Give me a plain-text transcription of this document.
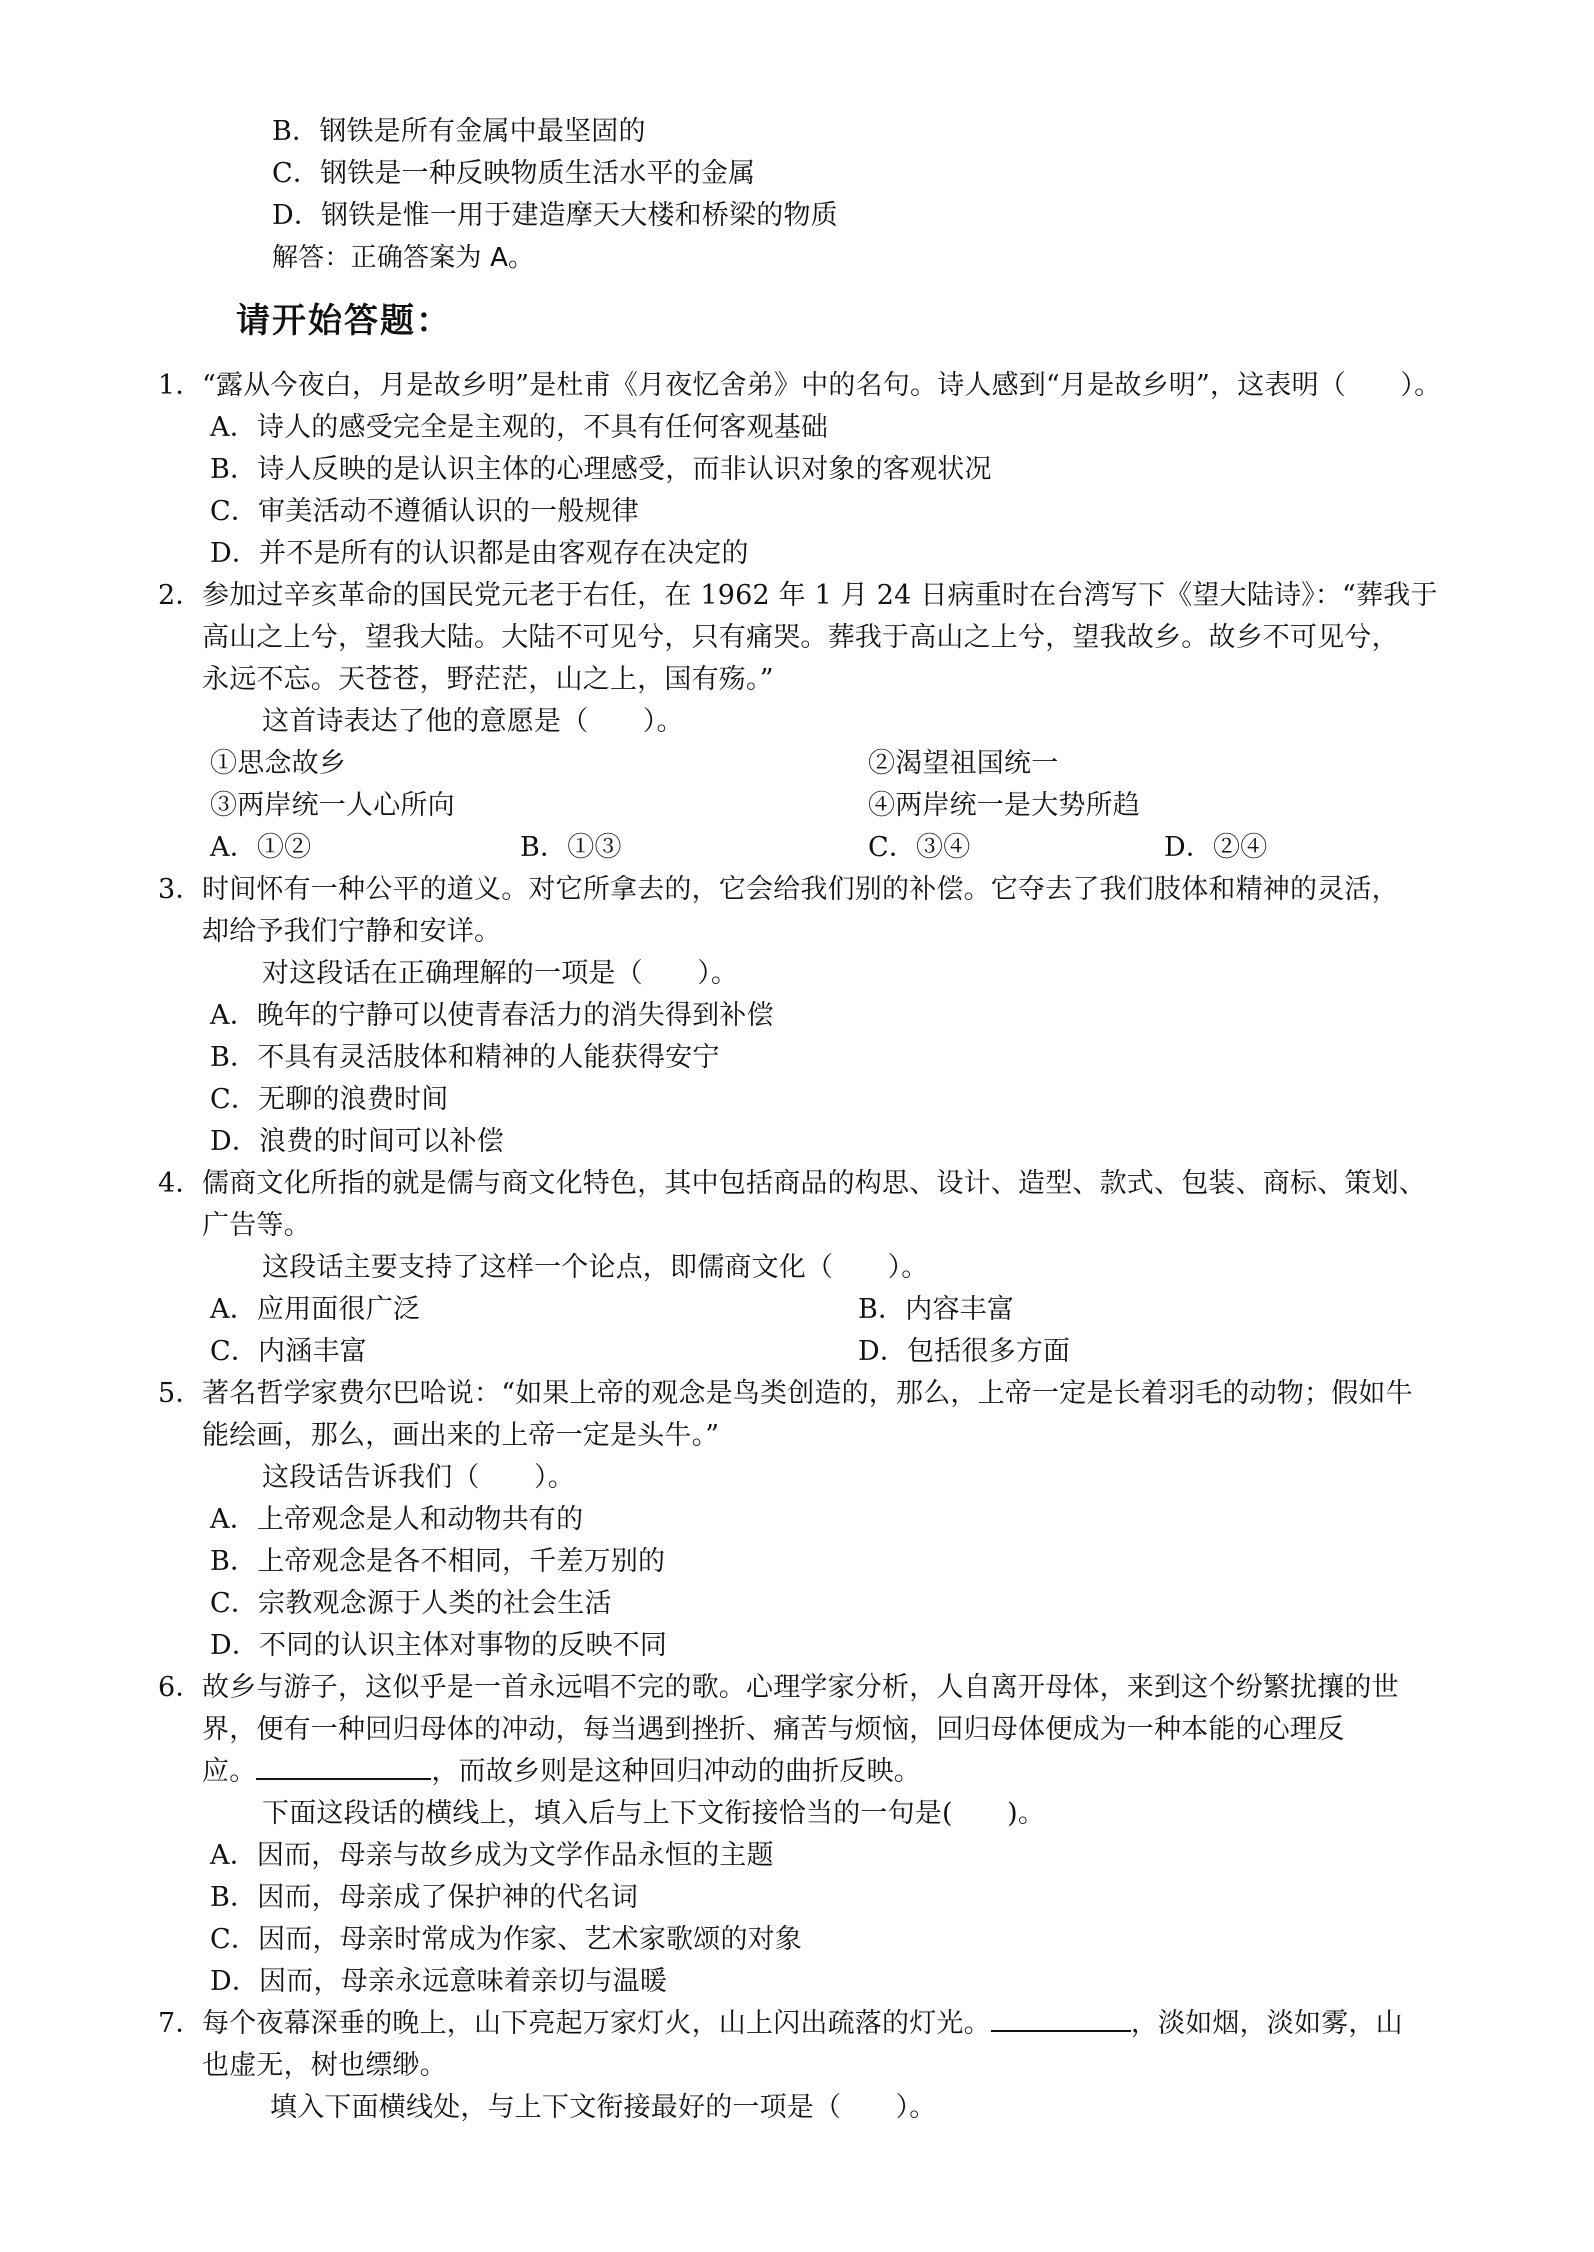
B．钢铁是所有金属中最坚固的
C．钢铁是一种反映物质生活水平的金属
D．钢铁是惟一用于建造摩天大楼和桥梁的物质
解答：正确答案为 A。
请开始答题：
1． “露从今夜白，月是故乡明”是杜甫《月夜忆舍弟》中的名句。诗人感到“月是故乡明”，这表明（　　）。
A．诗人的感受完全是主观的，不具有任何客观基础
B．诗人反映的是认识主体的心理感受，而非认识对象的客观状况
C．审美活动不遵循认识的一般规律
D．并不是所有的认识都是由客观存在决定的
2． 参加过辛亥革命的国民党元老于右任，在 1962 年 1 月 24 日病重时在台湾写下《望大陆诗》：“葬我于
高山之上兮，望我大陆。大陆不可见兮，只有痛哭。葬我于高山之上兮，望我故乡。故乡不可见兮，
永远不忘。天苍苍，野茫茫，山之上，国有殇。”
这首诗表达了他的意愿是（　　）。
①思念故乡	②渴望祖国统一
③两岸统一人心所向	④两岸统一是大势所趋
A．①②	B．①③	C．③④	D．②④
3． 时间怀有一种公平的道义。对它所拿去的，它会给我们别的补偿。它夺去了我们肢体和精神的灵活，
却给予我们宁静和安详。
对这段话在正确理解的一项是（　　）。
A．晚年的宁静可以使青春活力的消失得到补偿
B．不具有灵活肢体和精神的人能获得安宁
C．无聊的浪费时间
D．浪费的时间可以补偿
4． 儒商文化所指的就是儒与商文化特色，其中包括商品的构思、设计、造型、款式、包装、商标、策划、
广告等。
这段话主要支持了这样一个论点，即儒商文化（　　）。
A．应用面很广泛	B．内容丰富
C．内涵丰富	D．包括很多方面
5． 著名哲学家费尔巴哈说：“如果上帝的观念是鸟类创造的，那么，上帝一定是长着羽毛的动物；假如牛
能绘画，那么，画出来的上帝一定是头牛。”
这段话告诉我们（　　）。
A．上帝观念是人和动物共有的
B．上帝观念是各不相同，千差万别的
C．宗教观念源于人类的社会生活
D．不同的认识主体对事物的反映不同
6． 故乡与游子，这似乎是一首永远唱不完的歌。心理学家分析，人自离开母体，来到这个纷繁扰攘的世
界，便有一种回归母体的冲动，每当遇到挫折、痛苦与烦恼，回归母体便成为一种本能的心理反
应。	，而故乡则是这种回归冲动的曲折反映。
下面这段话的横线上，填入后与上下文衔接恰当的一句是(　　)。
A．因而，母亲与故乡成为文学作品永恒的主题
B．因而，母亲成了保护神的代名词
C．因而，母亲时常成为作家、艺术家歌颂的对象
D．因而，母亲永远意味着亲切与温暖
7． 每个夜幕深垂的晚上，山下亮起万家灯火，山上闪出疏落的灯光。	，淡如烟，淡如雾，山
也虚无，树也缥缈。
填入下面横线处，与上下文衔接最好的一项是（　　）。
